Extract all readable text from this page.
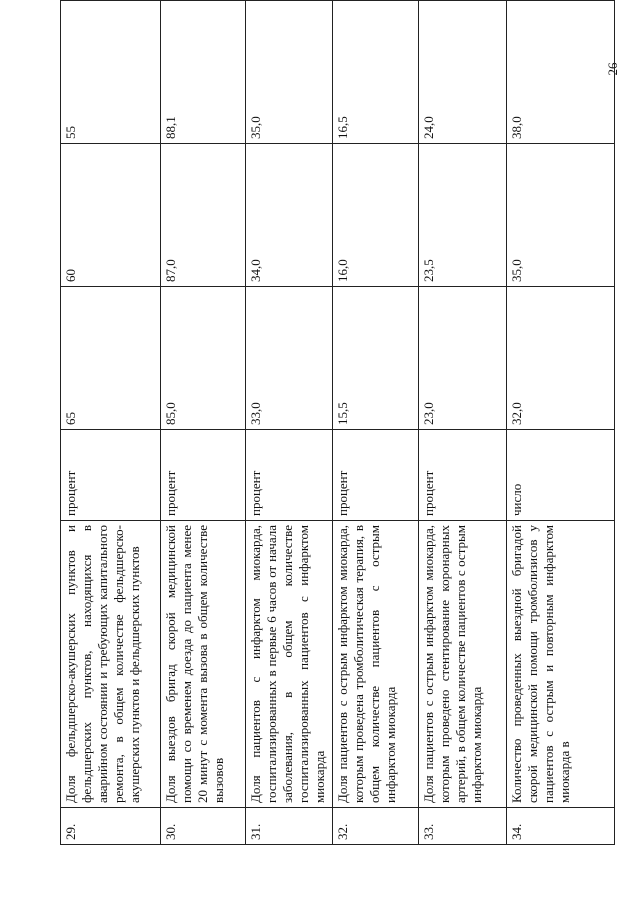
26
29.	Доля фельдшерско-акушерских пунктов и фельдшерских пунктов, находящихся в аварийном состоянии и требующих капитального ремонта, в общем количестве фельдшерско-акушерских пунктов и фельдшерских пунктов	процент	65	60	55
30.	Доля выездов бригад скорой медицинской помощи со временем доезда до пациента менее 20 минут с момента вызова в общем количестве вызовов	процент	85,0	87,0	88,1
31.	Доля пациентов с инфарктом миокарда, госпитализированных в первые 6 часов от начала заболевания, в общем количестве госпитализированных пациентов с инфарктом миокарда	процент	33,0	34,0	35,0
32.	Доля пациентов с острым инфарктом миокарда, которым проведена тромболитическая терапия, в общем количестве пациентов с острым инфарктом миокарда	процент	15,5	16,0	16,5
33.	Доля пациентов с острым инфарктом миокарда, которым проведено стентирование коронарных артерий, в общем количестве пациентов с острым инфарктом миокарда	процент	23,0	23,5	24,0
34.	Количество проведенных выездной бригадой скорой медицинской помощи тромболизисов у пациентов с острым и повторным инфарктом миокарда в	число	32,0	35,0	38,0
